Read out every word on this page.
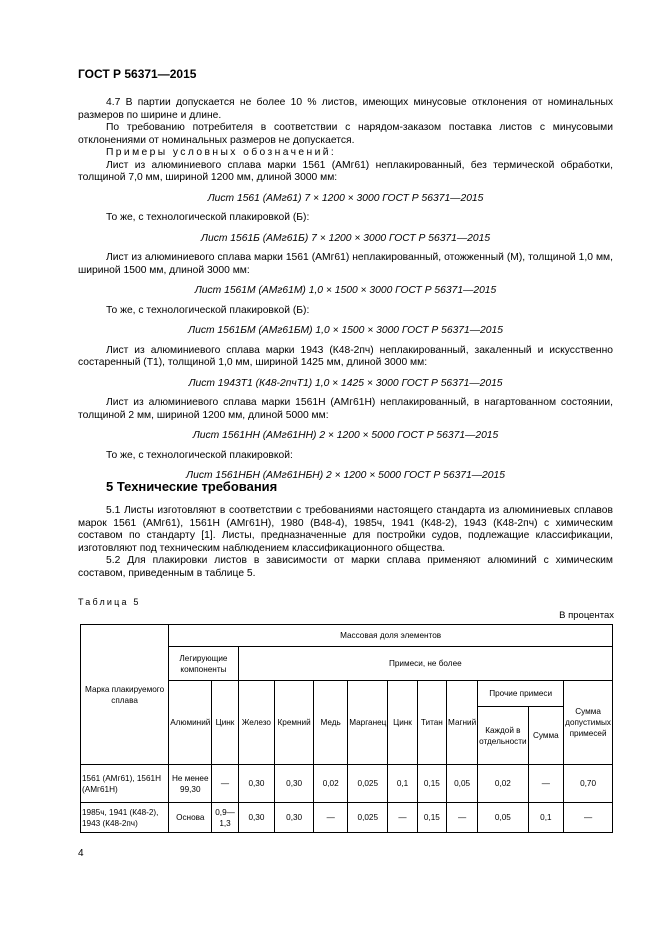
ГОСТ Р 56371—2015

4.7 В партии допускается не более 10 % листов, имеющих минусовые отклонения от номинальных размеров по ширине и длине.

По требованию потребителя в соответствии с нарядом-заказом поставка листов с минусовыми отклонениями от номинальных размеров не допускается.

Примеры условных обозначений:

Лист из алюминиевого сплава марки 1561 (АМг61) неплакированный, без термической обработки, толщиной 7,0 мм, шириной 1200 мм, длиной 3000 мм:

Лист 1561 (АМг61) 7 × 1200 × 3000 ГОСТ Р 56371—2015

То же, с технологической плакировкой (Б):

Лист 1561Б (АМг61Б) 7 × 1200 × 3000 ГОСТ Р 56371—2015

Лист из алюминиевого сплава марки 1561 (АМг61) неплакированный, отожженный (М), толщиной 1,0 мм, шириной 1500 мм, длиной 3000 мм:

Лист 1561М (АМг61М) 1,0 × 1500 × 3000 ГОСТ Р 56371—2015

То же, с технологической плакировкой (Б):

Лист 1561БМ (АМг61БМ) 1,0 × 1500 × 3000 ГОСТ Р 56371—2015

Лист из алюминиевого сплава марки 1943 (К48-2пч) неплакированный, закаленный и искусственно состаренный (Т1), толщиной 1,0 мм, шириной 1425 мм, длиной 3000 мм:

Лист 1943Т1 (К48-2пчТ1) 1,0 × 1425 × 3000 ГОСТ Р 56371—2015

Лист из алюминиевого сплава марки 1561Н (АМг61Н) неплакированный, в нагартованном состоянии, толщиной 2 мм, шириной 1200 мм, длиной 5000 мм:

Лист 1561НН (АМг61НН) 2 × 1200 × 5000 ГОСТ Р 56371—2015

То же, с технологической плакировкой:

Лист 1561НБН (АМг61НБН) 2 × 1200 × 5000 ГОСТ Р 56371—2015

5 Технические требования

5.1 Листы изготовляют в соответствии с требованиями настоящего стандарта из алюминиевых сплавов марок 1561 (АМг61), 1561Н (АМг61Н), 1980 (В48-4), 1985ч, 1941 (К48-2), 1943 (К48-2пч) с химическим составом по стандарту [1]. Листы, предназначенные для постройки судов, подлежащие классификации, изготовляют под техническим наблюдением классификационного общества.

5.2 Для плакировки листов в зависимости от марки сплава применяют алюминий с химическим составом, приведенным в таблице 5.

Таблица 5
В процентах
Марка плакируемого сплава	Массовая доля элементов											
	Легирующие компоненты		Примеси, не более									
	Алюминий	Цинк	Железо	Кремний	Медь	Марганец	Цинк	Титан	Магний	Прочие примеси		Сумма допустимых примесей
										Каждой в отдельности	Сумма	
1561 (АМг61), 1561Н (АМг61Н)	Не менее 99,30	—	0,30	0,30	0,02	0,025	0,1	0,15	0,05	0,02	—	0,70
1985ч, 1941 (К48-2), 1943 (К48-2пч)	Основа	0,9—1,3	0,30	0,30	—	0,025	—	0,15	—	0,05	0,1	—
4
